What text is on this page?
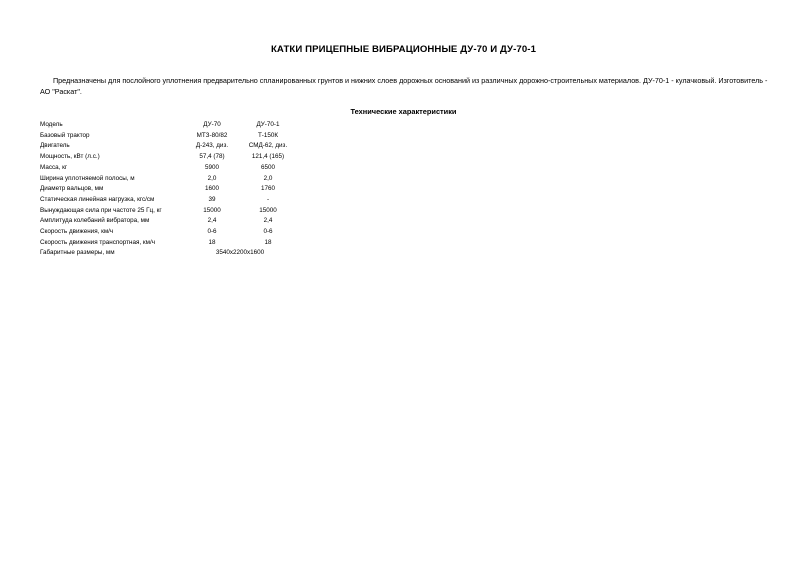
КАТКИ ПРИЦЕПНЫЕ ВИБРАЦИОННЫЕ ДУ-70 И ДУ-70-1
Предназначены для послойного уплотнения предварительно спланированных грунтов и нижних слоев дорожных оснований из различных дорожно-строительных материалов. ДУ-70-1 - кулачковый. Изготовитель - АО "Раскат".
Технические характеристики
Модель	ДУ-70	ДУ-70-1
Базовый трактор	МТЗ-80/82	Т-150К
Двигатель	Д-243, диз.	СМД-62, диз.
Мощность, кВт (л.с.)	57,4 (78)	121,4 (165)
Масса, кг	5900	6500
Ширина уплотняемой полосы, м	2,0	2,0
Диаметр вальцов, мм	1600	1760
Статическая линейная нагрузка, кгс/см	39	-
Вынуждающая сила при частоте 25 Гц, кг	15000	15000
Амплитуда колебаний вибратора, мм	2,4	2,4
Скорость движения, км/ч	0-6	0-6
Скорость движения транспортная, км/ч	18	18
Габаритные размеры, мм	3540x2200x1600	
